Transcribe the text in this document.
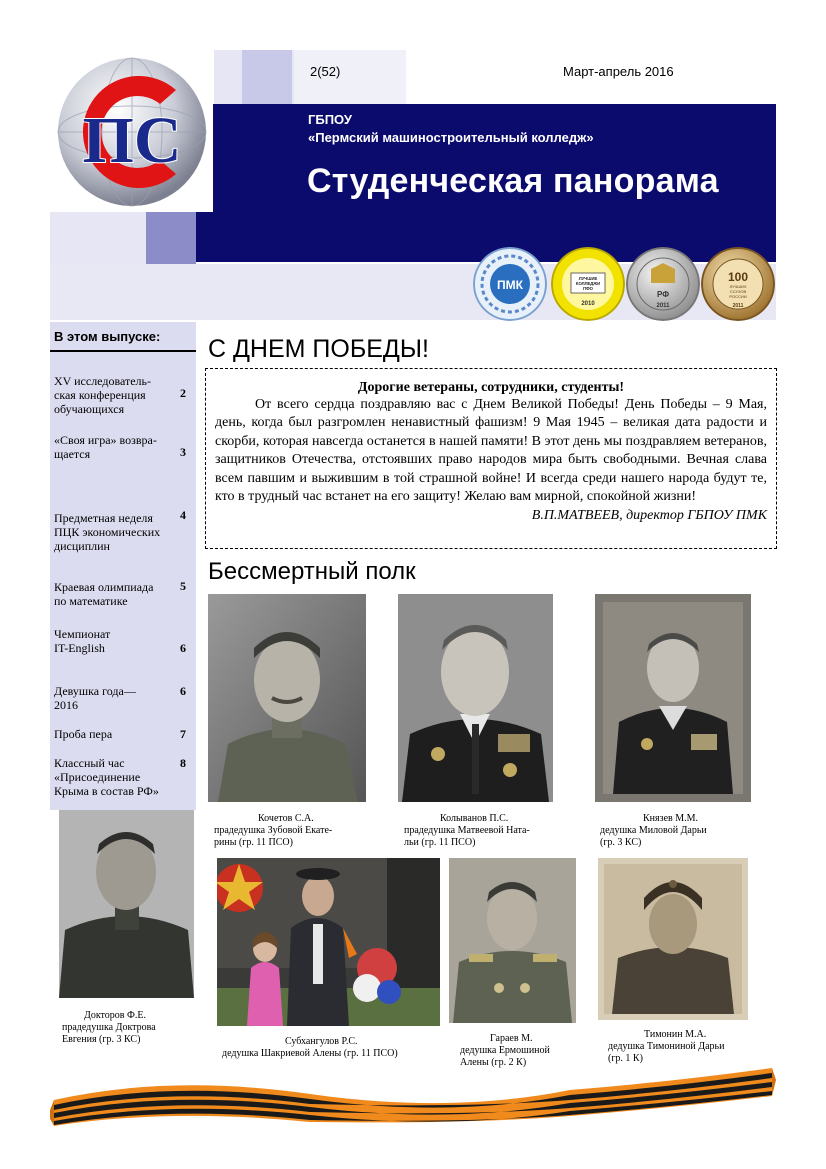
ПС
2(52)	Март-апрель 2016
ГБПОУ
«Пермский машиностроительный колледж»
Студенческая панорама
ПМК	ЛУЧШИЕ
КОЛЛЕДЖИ
ПФО
2010
РФ
2011
100
ЛУЧШИХ
ССУЗОВ
РОССИИ
2011
В этом выпуске:
XV исследователь-
ская конференция
обучающихся
2
«Своя игра» возвра-
щается	3
Предметная неделя
ПЦК экономических
дисциплин
4
Краевая олимпиада
по математике
5
Чемпионат
IT-English	6
Девушка года—
2016
6
Проба пера	7
Классный час
«Присоединение
Крыма в состав РФ»
8
С ДНЕМ ПОБЕДЫ!
Дорогие ветераны, сотрудники, студенты!
От всего сердца поздравляю вас с Днем Великой Победы! День Победы – 9 Мая, день, когда был разгромлен ненавистный фашизм! 9 Мая 1945 – великая дата радости и скорби, которая навсегда останется в нашей памяти! В этот день мы поздравляем ветеранов, защитников Отечества, отстоявших право народов мира быть свободными. Вечная слава всем павшим и выжившим в той страшной войне! И всегда среди нашего народа будут те, кто в трудный час встанет на его защиту! Желаю вам мирной, спокойной жизни!
В.П.МАТВЕЕВ, директор ГБПОУ ПМК
Бессмертный полк
Кочетов С.А.
прадедушка Зубовой Екате-
рины (гр. 11 ПСО)
Колыванов П.С.
прадедушка Матвеевой Ната-
льи (гр. 11 ПСО)
Князев М.М.
дедушка Миловой Дарьи
(гр. 3 КС)
Докторов Ф.Е.
прадедушка Доктрова
Евгения (гр. 3 КС)	Субхангулов Р.С.
дедушка Шакриевой Алены (гр. 11 ПСО)
Гараев М.
дедушка Ермошиной
Алены (гр. 2 К)
Тимонин М.А.
дедушка Тимониной Дарьи
(гр. 1 К)
